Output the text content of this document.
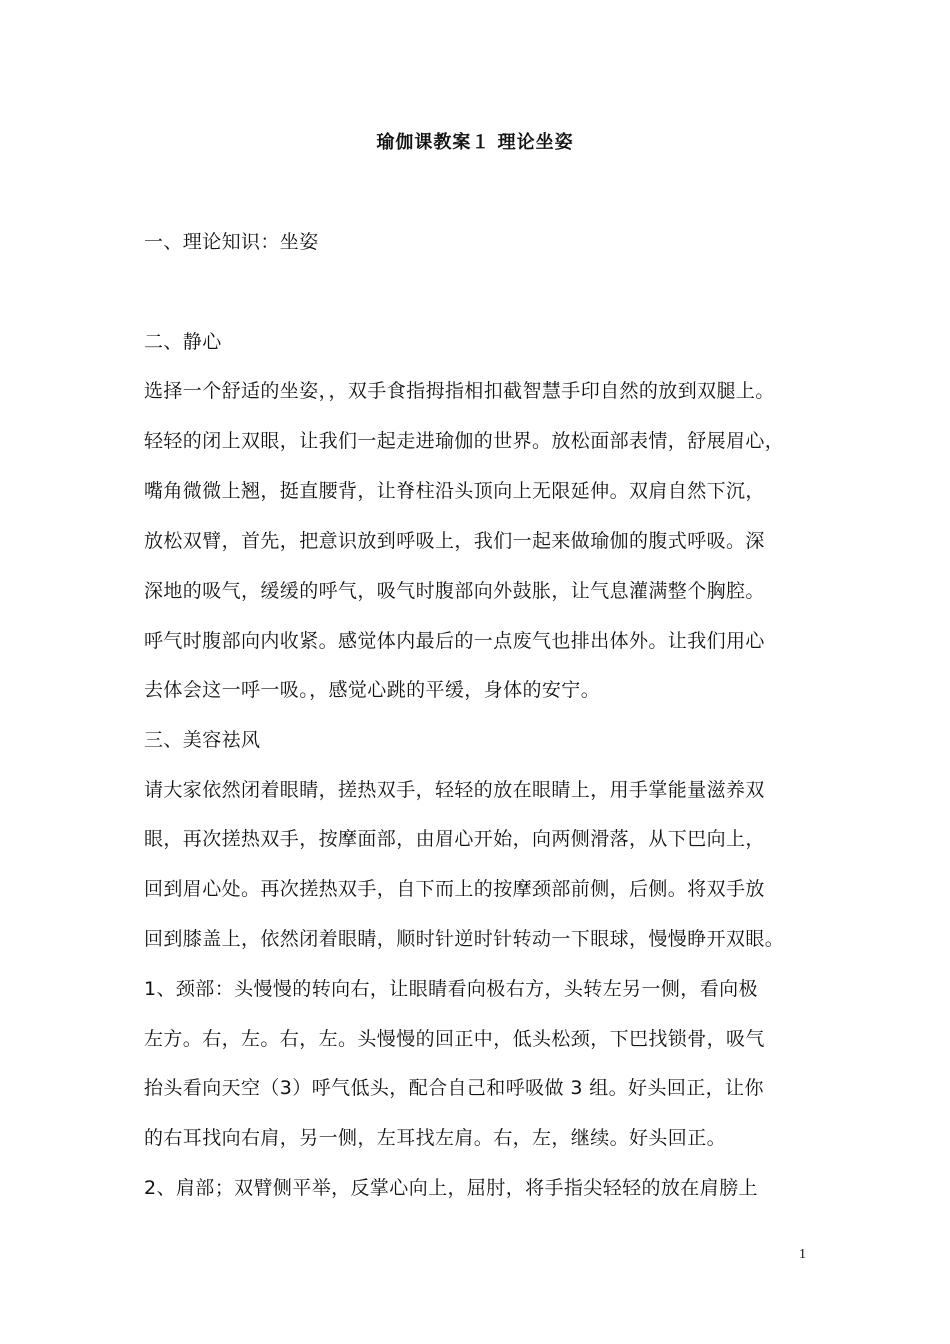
瑜伽课教案１ 理论坐姿
一、理论知识：坐姿
二、静心
选择一个舒适的坐姿，，双手食指拇指相扣截智慧手印自然的放到双腿上。
轻轻的闭上双眼，让我们一起走进瑜伽的世界。放松面部表情，舒展眉心，
嘴角微微上翘，挺直腰背，让脊柱沿头顶向上无限延伸。双肩自然下沉，
放松双臂，首先，把意识放到呼吸上，我们一起来做瑜伽的腹式呼吸。深
深地的吸气，缓缓的呼气，吸气时腹部向外鼓胀，让气息灌满整个胸腔。
呼气时腹部向内收紧。感觉体内最后的一点废气也排出体外。让我们用心
去体会这一呼一吸。，感觉心跳的平缓，身体的安宁。
三、美容祛风
请大家依然闭着眼睛，搓热双手，轻轻的放在眼睛上，用手掌能量滋养双
眼，再次搓热双手，按摩面部，由眉心开始，向两侧滑落，从下巴向上，
回到眉心处。再次搓热双手，自下而上的按摩颈部前侧，后侧。将双手放
回到膝盖上，依然闭着眼睛，顺时针逆时针转动一下眼球，慢慢睁开双眼。
1、颈部：头慢慢的转向右，让眼睛看向极右方，头转左另一侧，看向极
左方。右，左。右，左。头慢慢的回正中，低头松颈，下巴找锁骨，吸气
抬头看向天空（3）呼气低头，配合自己和呼吸做 3 组。好头回正，让你
的右耳找向右肩，另一侧，左耳找左肩。右，左，继续。好头回正。
2、肩部；双臂侧平举，反掌心向上，屈肘，将手指尖轻轻的放在肩膀上
1
